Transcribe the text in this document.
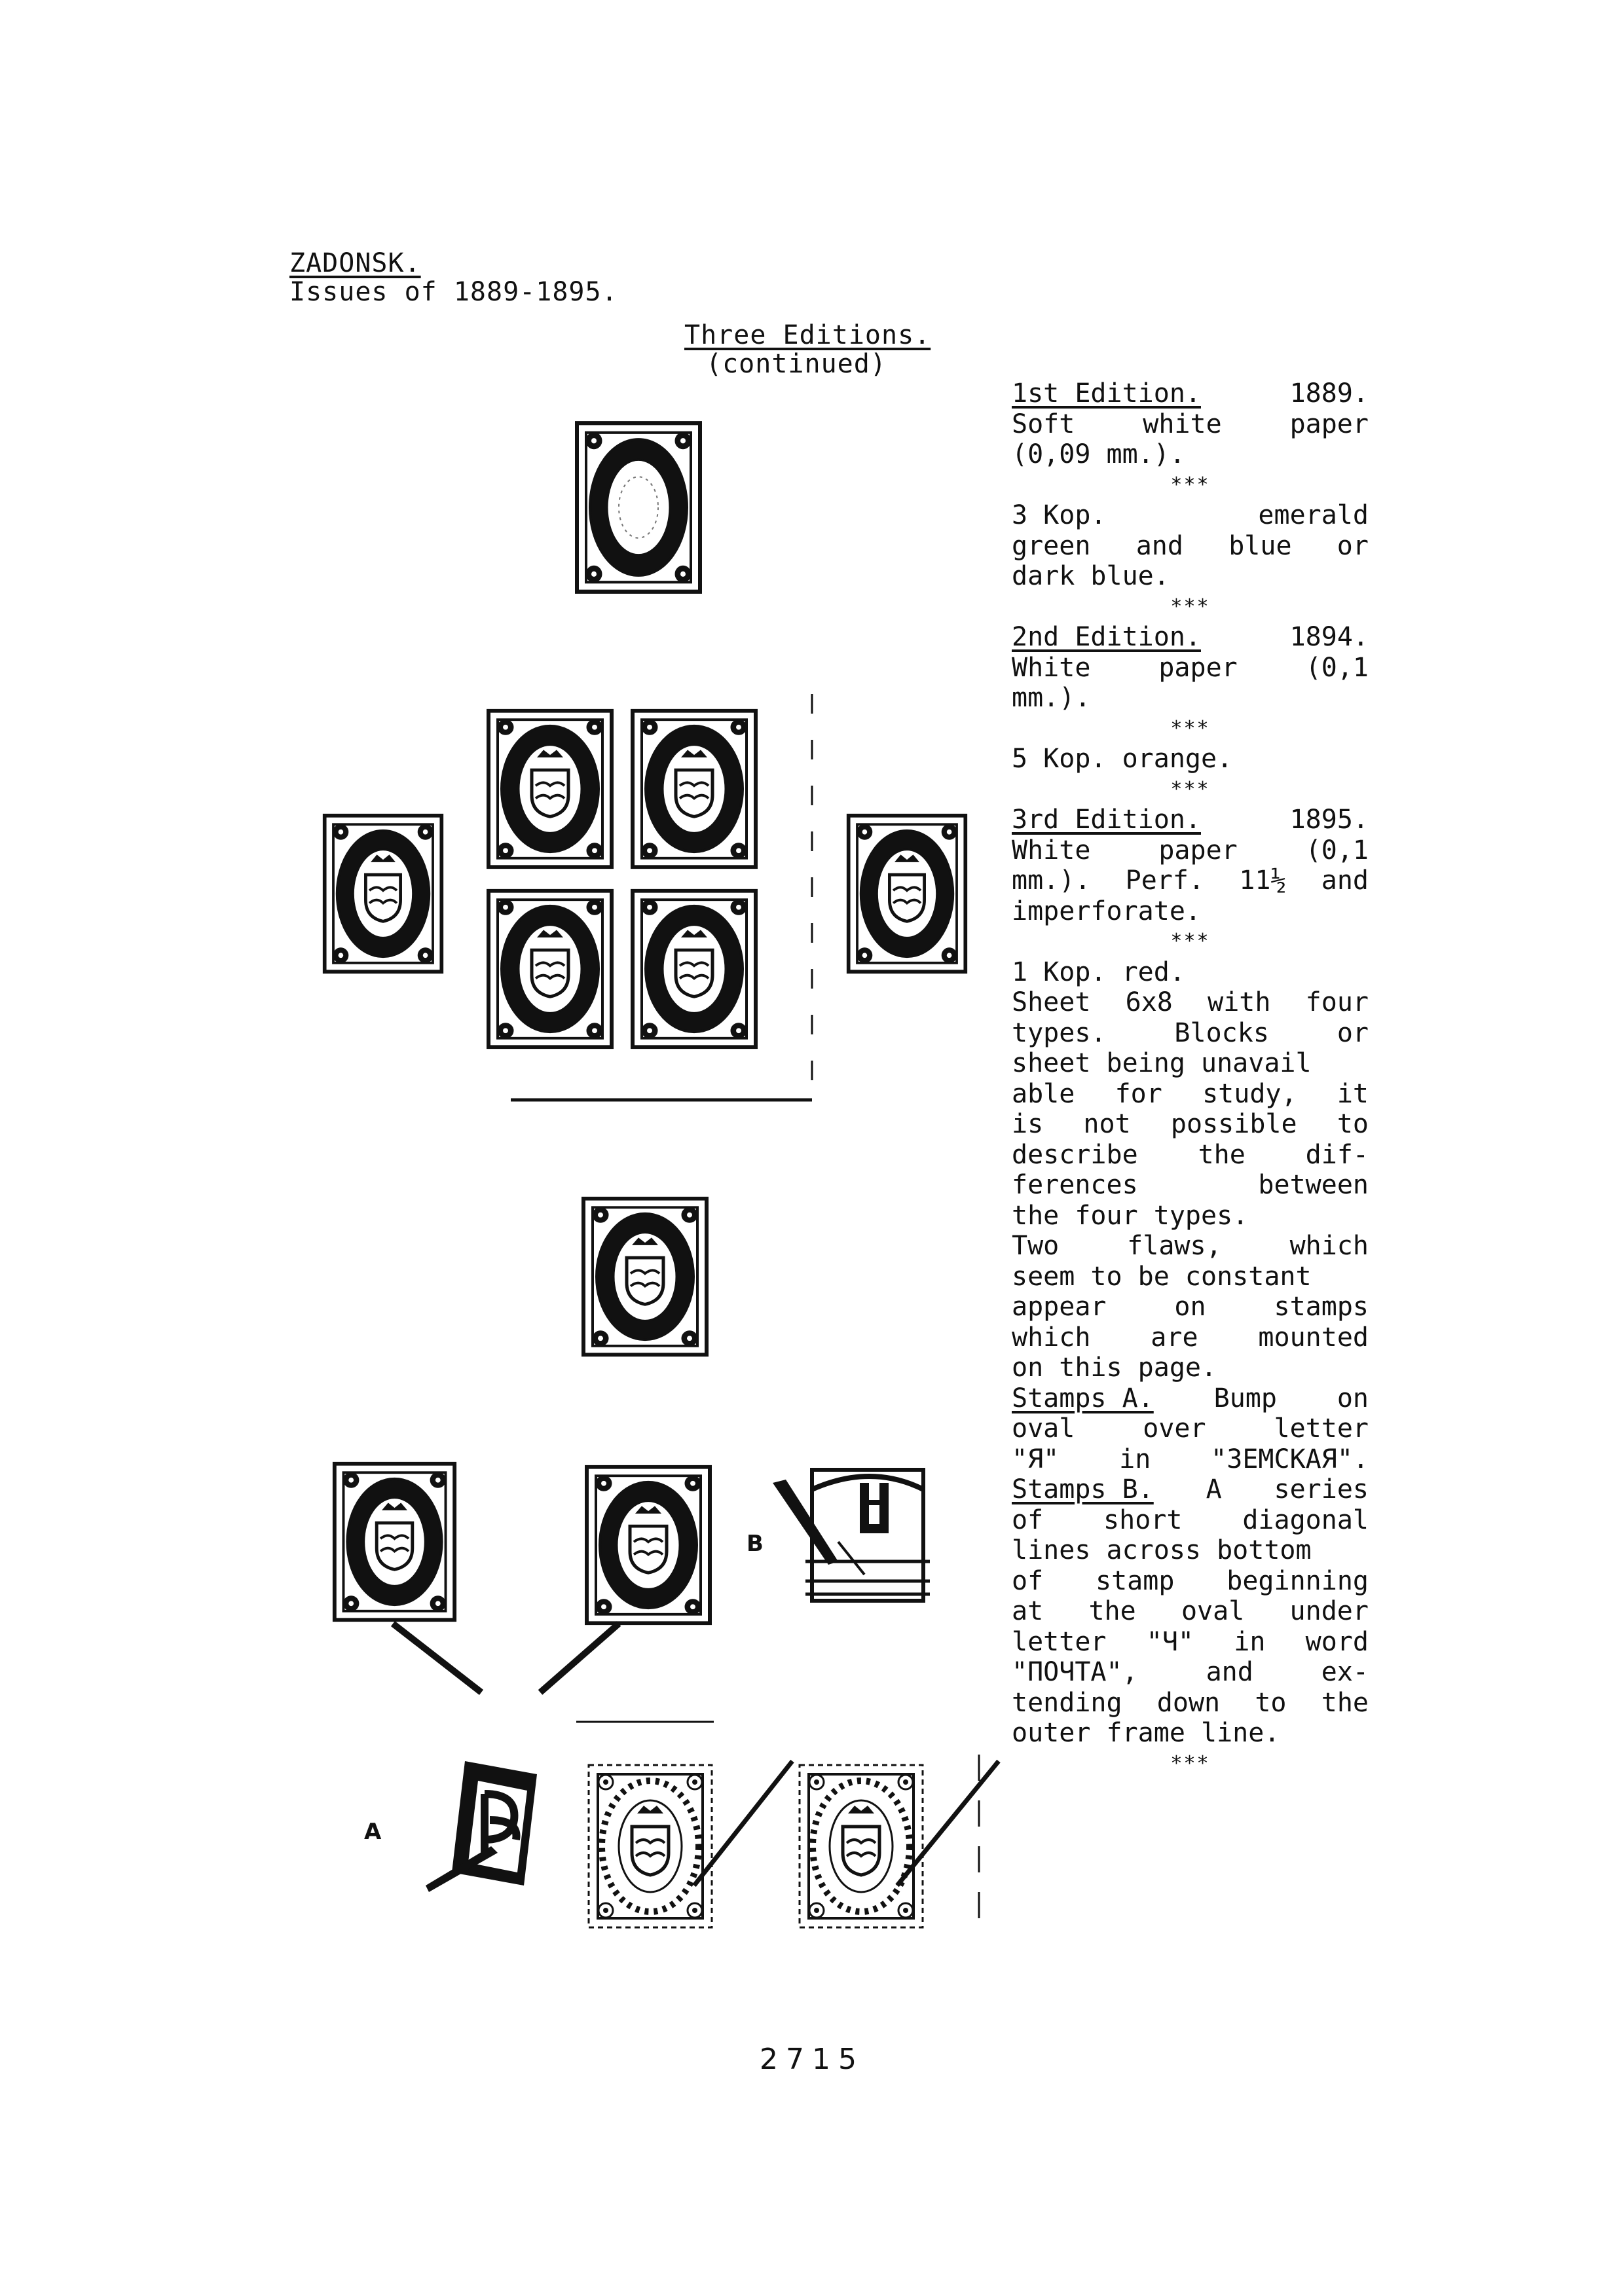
ZADONSK.
Issues of 1889-1895.
Three Editions.
(continued)
1st Edition.	1889.
Soft	white	paper
(0,09 mm.).
***
3 Kop.	emerald
green and blue or
dark blue.
***
2nd Edition.	1894.
White	paper	(0,1
mm.).
***
5 Kop. orange.
***
3rd Edition.	1895.
White	paper	(0,1
mm.). Perf. 11½ and
imperforate.
***
1 Kop. red.
Sheet 6x8 with four
types.	Blocks	or
sheet being unavail
able for study, it
is not possible to
describe the dif-
ferences	between
the four types.
Two	flaws,	which
seem to be constant
appear	on	stamps
which are mounted
on this page.
Stamps A. Bump on
oval	over	letter
"Я" in "ЗЕМСКАЯ".
Stamps B. A series
of short diagonal
lines across bottom
of stamp beginning
at the oval under
letter "Ч" in word
"ПОЧТА",	and	ex-
tending down to the
outer frame line.
***
B
A
2715
